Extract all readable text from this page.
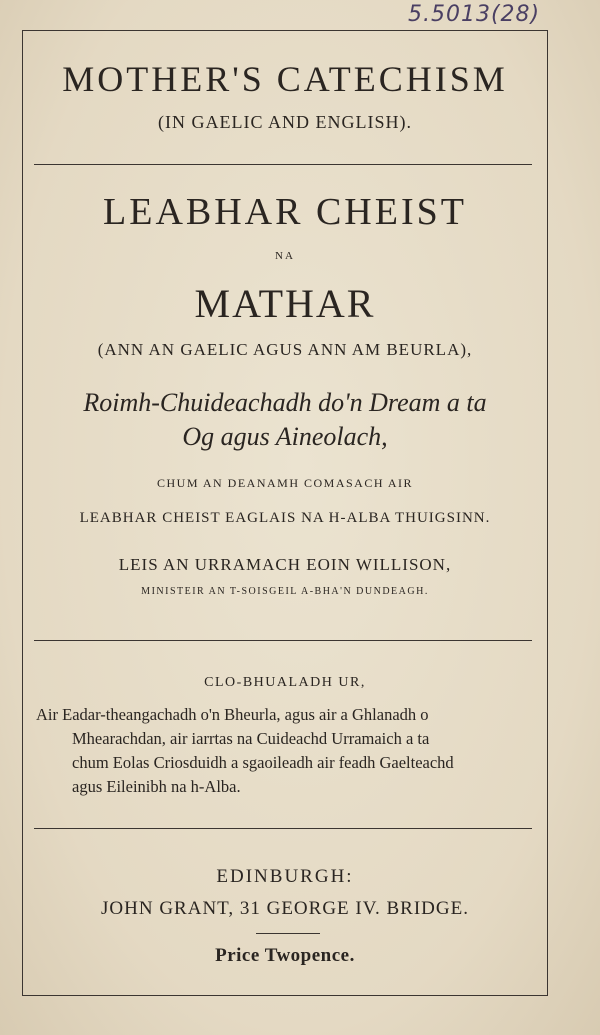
5.5013(28)
MOTHER'S CATECHISM
(IN GAELIC AND ENGLISH).
LEABHAR CHEIST
NA
MATHAR
(ANN AN GAELIC AGUS ANN AM BEURLA),
Roimh-Chuideachadh do'n Dream a ta
Og agus Aineolach,
CHUM AN DEANAMH COMASACH AIR
LEABHAR CHEIST EAGLAIS NA H-ALBA THUIGSINN.
LEIS AN URRAMACH EOIN WILLISON,
MINISTEIR AN T-SOISGEIL A-BHA'N DUNDEAGH.
CLO-BHUALADH UR,
Air Eadar-theangachadh o'n Bheurla, agus air a Ghlanadh o
Mhearachdan, air iarrtas na Cuideachd Urramaich a ta
chum Eolas Criosduidh a sgaoileadh air feadh Gaelteachd
agus Eileinibh na h-Alba.
EDINBURGH:
JOHN GRANT, 31 GEORGE IV. BRIDGE.
Price Twopence.
